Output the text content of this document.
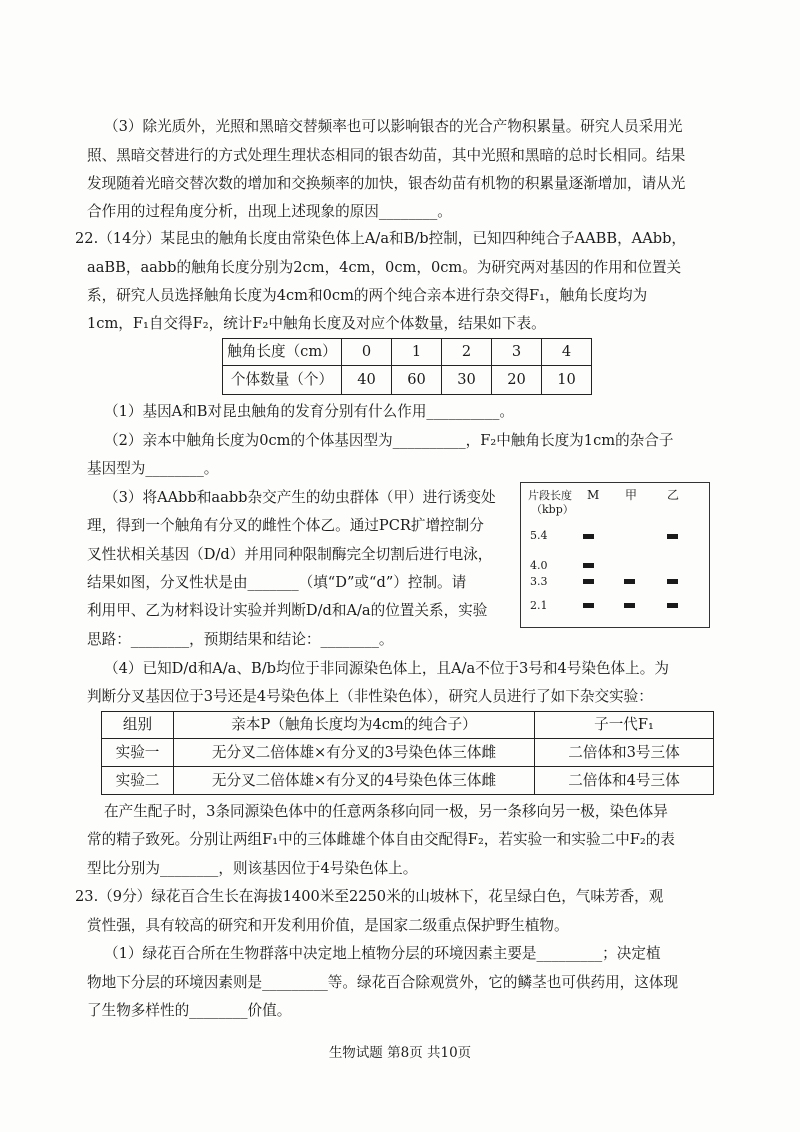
（3）除光质外，光照和黑暗交替频率也可以影响银杏的光合产物积累量。研究人员采用光
照、黑暗交替进行的方式处理生理状态相同的银杏幼苗，其中光照和黑暗的总时长相同。结果
发现随着光暗交替次数的增加和交换频率的加快，银杏幼苗有机物的积累量逐渐增加，请从光
合作用的过程角度分析，出现上述现象的原因________。
22.（14分）某昆虫的触角长度由常染色体上A/a和B/b控制，已知四种纯合子AABB，AAbb，
aaBB，aabb的触角长度分别为2cm，4cm，0cm，0cm。为研究两对基因的作用和位置关
系，研究人员选择触角长度为4cm和0cm的两个纯合亲本进行杂交得F₁，触角长度均为
1cm，F₁自交得F₂，统计F₂中触角长度及对应个体数量，结果如下表。
触角长度（cm）	0	1	2	3	4
个体数量（个）	40	60	30	20	10
（1）基因A和B对昆虫触角的发育分别有什么作用__________。
（2）亲本中触角长度为0cm的个体基因型为__________，F₂中触角长度为1cm的杂合子
基因型为________。
（3）将AAbb和aabb杂交产生的幼虫群体（甲）进行诱变处
理，得到一个触角有分叉的雌性个体乙。通过PCR扩增控制分
叉性状相关基因（D/d）并用同种限制酶完全切割后进行电泳，
结果如图，分叉性状是由_______（填“D”或“d”）控制。请
利用甲、乙为材料设计实验并判断D/d和A/a的位置关系，实验
思路：________，预期结果和结论：________。
片段长度
（kbp）
M 甲 乙
5.4
4.0
3.3
2.1
（4）已知D/d和A/a、B/b均位于非同源染色体上，且A/a不位于3号和4号染色体上。为
判断分叉基因位于3号还是4号染色体上（非性染色体），研究人员进行了如下杂交实验：
组别	亲本P（触角长度均为4cm的纯合子）	子一代F₁
实验一	无分叉二倍体雄×有分叉的3号染色体三体雌	二倍体和3号三体
实验二	无分叉二倍体雄×有分叉的4号染色体三体雌	二倍体和4号三体
在产生配子时，3条同源染色体中的任意两条移向同一极，另一条移向另一极，染色体异
常的精子致死。分别让两组F₁中的三体雌雄个体自由交配得F₂，若实验一和实验二中F₂的表
型比分别为________，则该基因位于4号染色体上。
23.（9分）绿花百合生长在海拔1400米至2250米的山坡林下，花呈绿白色，气味芳香，观
赏性强，具有较高的研究和开发利用价值，是国家二级重点保护野生植物。
（1）绿花百合所在生物群落中决定地上植物分层的环境因素主要是_________；决定植
物地下分层的环境因素则是_________等。绿花百合除观赏外，它的鳞茎也可供药用，这体现
了生物多样性的________价值。
生物试题 第8页 共10页
